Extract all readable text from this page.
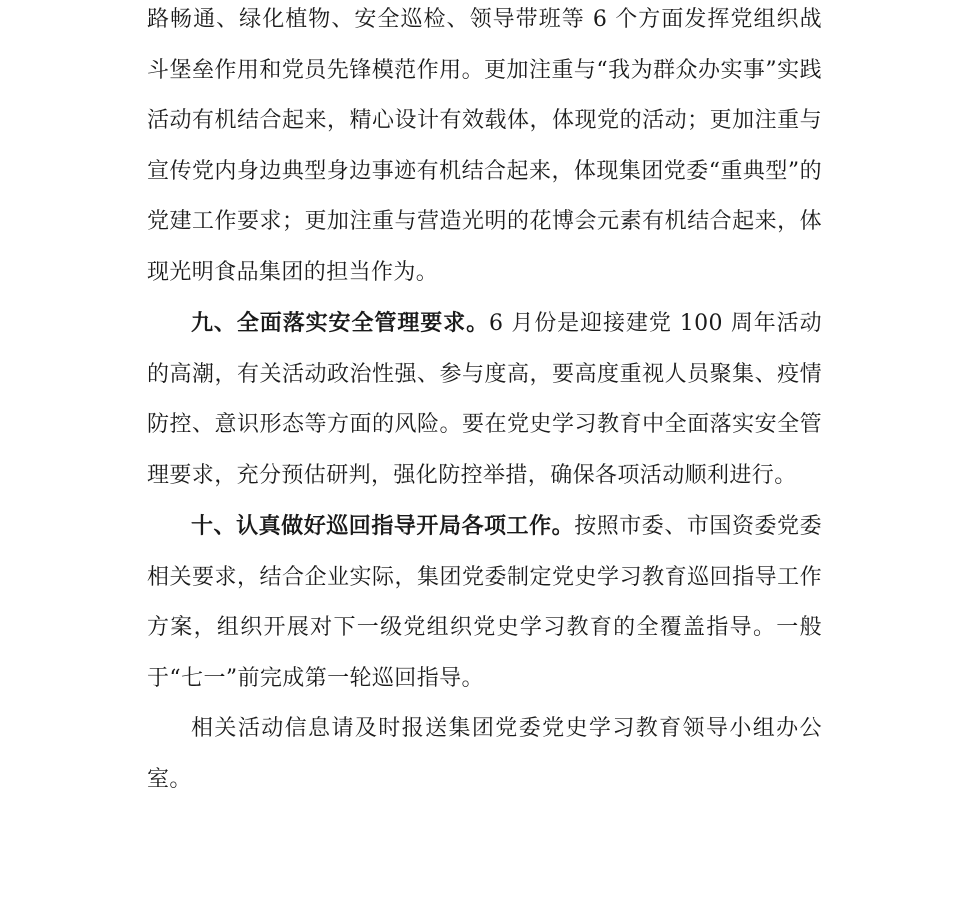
路畅通、绿化植物、安全巡检、领导带班等 6 个方面发挥党组织战斗堡垒作用和党员先锋模范作用。更加注重与“我为群众办实事”实践活动有机结合起来，精心设计有效载体，体现党的活动；更加注重与宣传党内身边典型身边事迹有机结合起来，体现集团党委“重典型”的党建工作要求；更加注重与营造光明的花博会元素有机结合起来，体现光明食品集团的担当作为。

九、全面落实安全管理要求。6 月份是迎接建党 100 周年活动的高潮，有关活动政治性强、参与度高，要高度重视人员聚集、疫情防控、意识形态等方面的风险。要在党史学习教育中全面落实安全管理要求，充分预估研判，强化防控举措，确保各项活动顺利进行。

十、认真做好巡回指导开局各项工作。按照市委、市国资委党委相关要求，结合企业实际，集团党委制定党史学习教育巡回指导工作方案，组织开展对下一级党组织党史学习教育的全覆盖指导。一般于“七一”前完成第一轮巡回指导。

相关活动信息请及时报送集团党委党史学习教育领导小组办公室。
